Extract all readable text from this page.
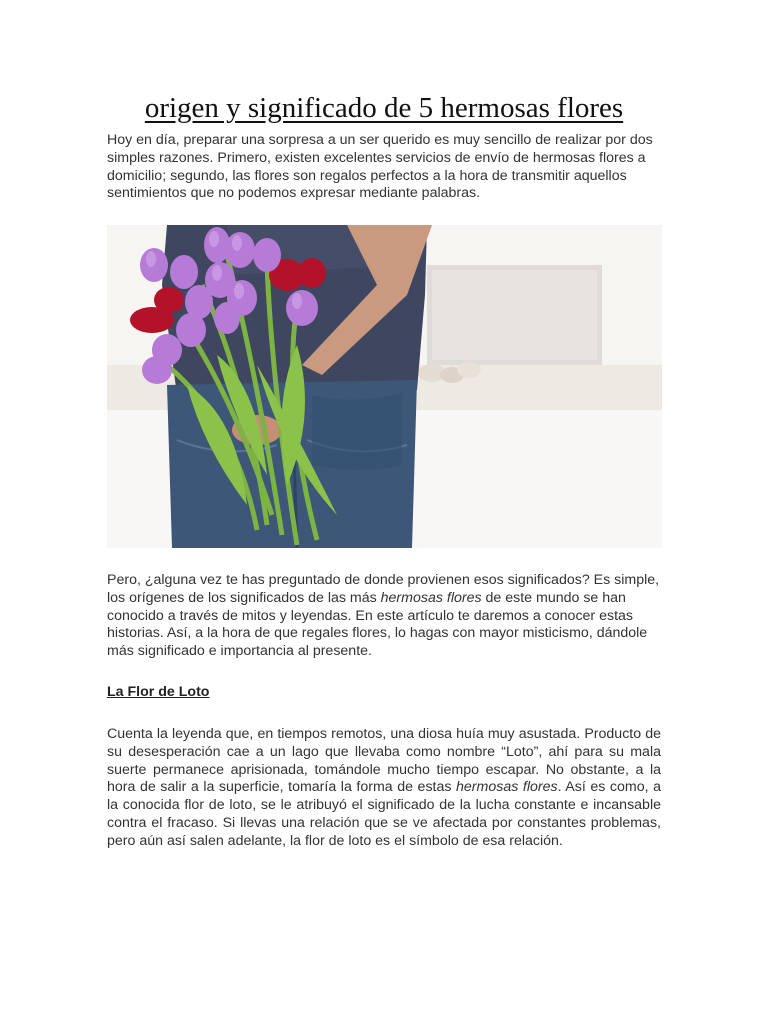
origen y significado de 5 hermosas flores

Hoy en día, preparar una sorpresa a un ser querido es muy sencillo de realizar por dos simples razones. Primero, existen excelentes servicios de envío de hermosas flores a domicilio; segundo, las flores son regalos perfectos a la hora de transmitir aquellos sentimientos que no podemos expresar mediante palabras.

Pero, ¿alguna vez te has preguntado de donde provienen esos significados? Es simple, los orígenes de los significados de las más hermosas flores de este mundo se han conocido a través de mitos y leyendas. En este artículo te daremos a conocer estas historias. Así, a la hora de que regales flores, lo hagas con mayor misticismo, dándole más significado e importancia al presente.

La Flor de Loto

Cuenta la leyenda que, en tiempos remotos, una diosa huía muy asustada. Producto de su desesperación cae a un lago que llevaba como nombre “Loto”, ahí para su mala suerte permanece aprisionada, tomándole mucho tiempo escapar. No obstante, a la hora de salir a la superficie, tomaría la forma de estas hermosas flores. Así es como, a la conocida flor de loto, se le atribuyó el significado de la lucha constante e incansable contra el fracaso. Si llevas una relación que se ve afectada por constantes problemas, pero aún así salen adelante, la flor de loto es el símbolo de esa relación.
